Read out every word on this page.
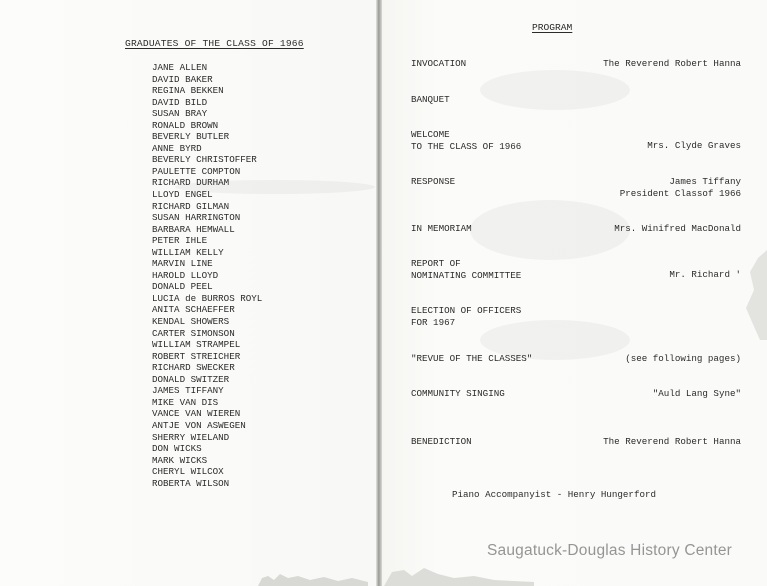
GRADUATES OF THE CLASS OF 1966
JANE ALLEN
DAVID BAKER
REGINA BEKKEN
DAVID BILD
SUSAN BRAY
RONALD BROWN
BEVERLY BUTLER
ANNE BYRD
BEVERLY CHRISTOFFER
PAULETTE COMPTON
RICHARD DURHAM
LLOYD ENGEL
RICHARD GILMAN
SUSAN HARRINGTON
BARBARA HEMWALL
PETER IHLE
WILLIAM KELLY
MARVIN LINE
HAROLD LLOYD
DONALD PEEL
LUCIA de BURROS ROYL
ANITA SCHAEFFER
KENDAL SHOWERS
CARTER SIMONSON
WILLIAM STRAMPEL
ROBERT STREICHER
RICHARD SWECKER
DONALD SWITZER
JAMES TIFFANY
MIKE VAN DIS
VANCE VAN WIEREN
ANTJE VON ASWEGEN
SHERRY WIELAND
DON WICKS
MARK WICKS
CHERYL WILCOX
ROBERTA WILSON
PROGRAM
INVOCATION	The Reverend Robert Hanna
BANQUET
WELCOME
TO THE CLASS OF 1966	Mrs. Clyde Graves
RESPONSE	James Tiffany
President Classof 1966
IN MEMORIAM	Mrs. Winifred MacDonald
REPORT OF
NOMINATING COMMITTEE	Mr. Richard '
ELECTION OF OFFICERS
FOR 1967
"REVUE OF THE CLASSES"	(see following pages)
COMMUNITY SINGING	"Auld Lang Syne"
BENEDICTION	The Reverend Robert Hanna
Piano Accompanyist - Henry Hungerford
Saugatuck-Douglas History Center
